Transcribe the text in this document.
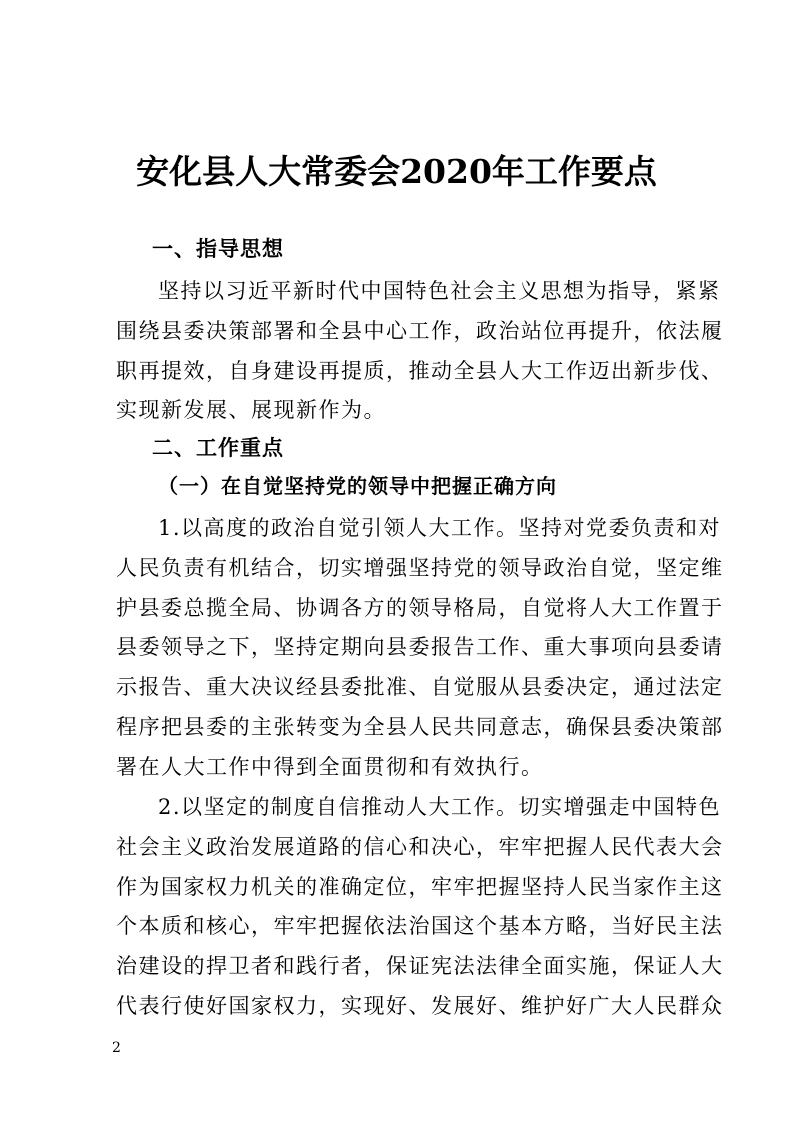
安化县人大常委会2020年工作要点
一、指导思想
坚持以习近平新时代中国特色社会主义思想为指导，紧紧
围绕县委决策部署和全县中心工作，政治站位再提升，依法履
职再提效，自身建设再提质，推动全县人大工作迈出新步伐、
实现新发展、展现新作为。
二、工作重点
（一）在自觉坚持党的领导中把握正确方向
1.以高度的政治自觉引领人大工作。坚持对党委负责和对
人民负责有机结合，切实增强坚持党的领导政治自觉，坚定维
护县委总揽全局、协调各方的领导格局，自觉将人大工作置于
县委领导之下，坚持定期向县委报告工作、重大事项向县委请
示报告、重大决议经县委批准、自觉服从县委决定，通过法定
程序把县委的主张转变为全县人民共同意志，确保县委决策部
署在人大工作中得到全面贯彻和有效执行。
2.以坚定的制度自信推动人大工作。切实增强走中国特色
社会主义政治发展道路的信心和决心，牢牢把握人民代表大会
作为国家权力机关的准确定位，牢牢把握坚持人民当家作主这
个本质和核心，牢牢把握依法治国这个基本方略，当好民主法
治建设的捍卫者和践行者，保证宪法法律全面实施，保证人大
代表行使好国家权力，实现好、发展好、维护好广大人民群众
2
